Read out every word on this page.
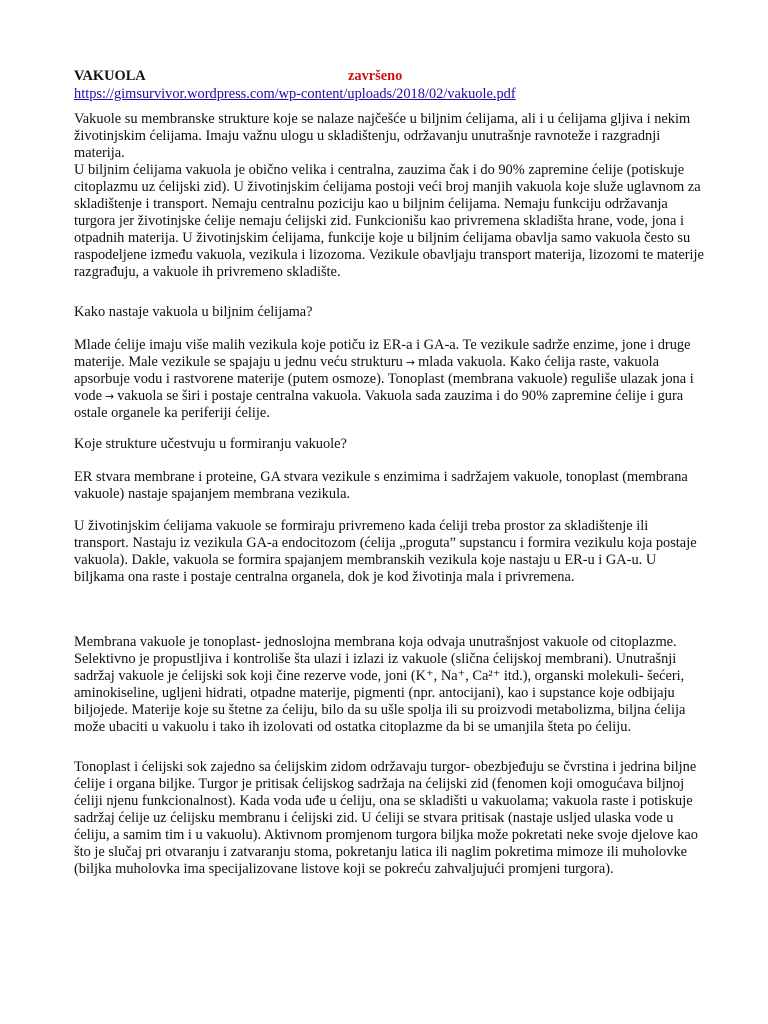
VAKUOLA	završeno
https://gimsurvivor.wordpress.com/wp-content/uploads/2018/02/vakuole.pdf

Vakuole su membranske strukture koje se nalaze najčešće u biljnim ćelijama, ali i u ćelijama gljiva i nekim životinjskim ćelijama. Imaju važnu ulogu u skladištenju, održavanju unutrašnje ravnoteže i razgradnji materija.

U biljnim ćelijama vakuola je obično velika i centralna, zauzima čak i do 90% zapremine ćelije (potiskuje citoplazmu uz ćelijski zid). U životinjskim ćelijama postoji veći broj manjih vakuola koje služe uglavnom za skladištenje i transport. Nemaju centralnu poziciju kao u biljnim ćelijama. Nemaju funkciju održavanja turgora jer životinjske ćelije nemaju ćelijski zid. Funkcionišu kao privremena skladišta hrane, vode, jona i otpadnih materija. U životinjskim ćelijama, funkcije koje u biljnim ćelijama obavlja samo vakuola često su raspodeljene između vakuola, vezikula i lizozoma. Vezikule obavljaju transport materija, lizozomi te materije razgrađuju, a vakuole ih privremeno skladište.

Kako nastaje vakuola u biljnim ćelijama?

Mlade ćelije imaju više malih vezikula koje potiču iz ER-a i GA-a. Te vezikule sadrže enzime, jone i druge materije. Male vezikule se spajaju u jednu veću strukturu → mlada vakuola. Kako ćelija raste, vakuola apsorbuje vodu i rastvorene materije (putem osmoze). Tonoplast (membrana vakuole) reguliše ulazak jona i vode → vakuola se širi i postaje centralna vakuola. Vakuola sada zauzima i do 90% zapremine ćelije i gura ostale organele ka periferiji ćelije.

Koje strukture učestvuju u formiranju vakuole?

ER stvara membrane i proteine, GA stvara vezikule s enzimima i sadržajem vakuole, tonoplast (membrana vakuole) nastaje spajanjem membrana vezikula.

U životinjskim ćelijama vakuole se formiraju privremeno kada ćeliji treba prostor za skladištenje ili transport. Nastaju iz vezikula GA-a endocitozom (ćelija „proguta” supstancu i formira vezikulu koja postaje vakuola). Dakle, vakuola se formira spajanjem membranskih vezikula koje nastaju u ER-u i GA-u. U biljkama ona raste i postaje centralna organela, dok je kod životinja mala i privremena.

Membrana vakuole je tonoplast- jednoslojna membrana koja odvaja unutrašnjost vakuole od citoplazme. Selektivno je propustljiva i kontroliše šta ulazi i izlazi iz vakuole (slična ćelijskoj membrani). Unutrašnji sadržaj vakuole je ćelijski sok koji čine rezerve vode, joni (K⁺, Na⁺, Ca²⁺ itd.), organski molekuli- šećeri, aminokiseline, ugljeni hidrati, otpadne materije, pigmenti (npr. antocijani), kao i supstance koje odbijaju biljojede. Materije koje su štetne za ćeliju, bilo da su ušle spolja ili su proizvodi metabolizma, biljna ćelija može ubaciti u vakuolu i tako ih izolovati od ostatka citoplazme da bi se umanjila šteta po ćeliju.

Tonoplast i ćelijski sok zajedno sa ćelijskim zidom održavaju turgor- obezbjeđuju se čvrstina i jedrina biljne ćelije i organa biljke. Turgor je pritisak ćelijskog sadržaja na ćelijski zid (fenomen koji omogućava biljnoj ćeliji njenu funkcionalnost). Kada voda uđe u ćeliju, ona se skladišti u vakuolama; vakuola raste i potiskuje sadržaj ćelije uz ćelijsku membranu i ćelijski zid. U ćeliji se stvara pritisak (nastaje usljed ulaska vode u ćeliju, a samim tim i u vakuolu). Aktivnom promjenom turgora biljka može pokretati neke svoje djelove kao što je slučaj pri otvaranju i zatvaranju stoma, pokretanju latica ili naglim pokretima mimoze ili muholovke (biljka muholovka ima specijalizovane listove koji se pokreću zahvaljujući promjeni turgora).
